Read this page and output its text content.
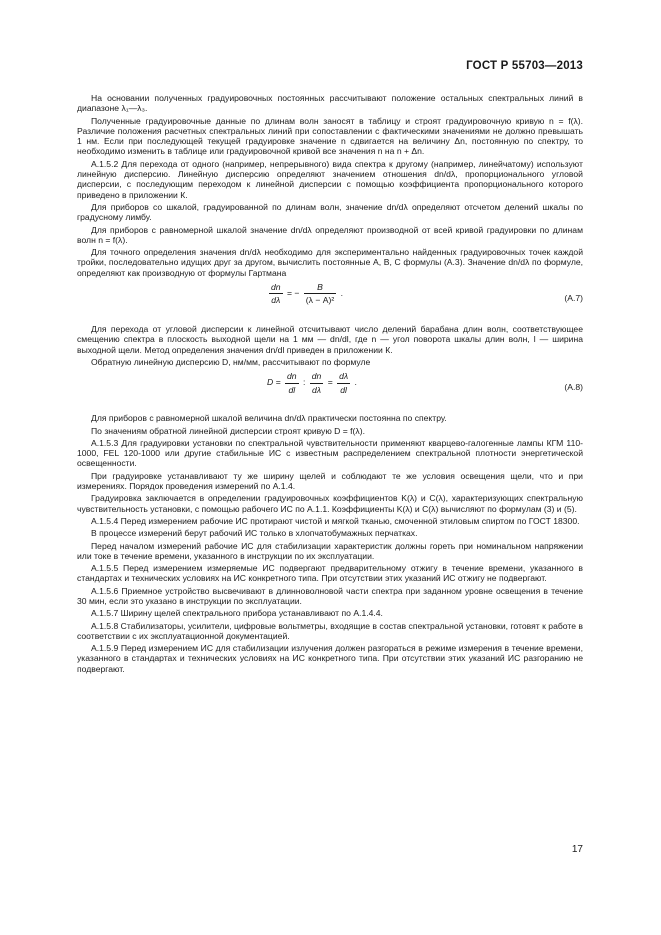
ГОСТ Р 55703—2013

На основании полученных градуировочных постоянных рассчитывают положение остальных спектральных линий в диапазоне λ₁—λ₃.

Полученные градуировочные данные по длинам волн заносят в таблицу и строят градуировочную кривую n = f(λ). Различие положения расчетных спектральных линий при сопоставлении с фактическими значениями не должно превышать 1 нм. Если при последующей текущей градуировке значение n сдвигается на величину Δn, постоянную по спектру, то необходимо изменить в таблице или градуировочной кривой все значения n на n + Δn.

А.1.5.2 Для перехода от одного (например, непрерывного) вида спектра к другому (например, линейчатому) используют линейную дисперсию. Линейную дисперсию определяют значением отношения dn/dλ, пропорционального угловой дисперсии, с последующим переходом к линейной дисперсии с помощью коэффициента пропорционального которого приведено в приложении К.

Для приборов со шкалой, градуированной по длинам волн, значение dn/dλ определяют отсчетом делений шкалы по градусному лимбу.

Для приборов с равномерной шкалой значение dn/dλ определяют производной от всей кривой градуировки по длинам волн n = f(λ).

Для точного определения значения dn/dλ необходимо для экспериментально найденных градуировочных точек каждой тройки, последовательно идущих друг за другом, вычислить постоянные А, В, С формулы (А.3). Значение dn/dλ по формуле, определяют как производную от формулы Гартмана

$\frac{dn}{d\lambda}$ = − $\frac{B}{\text{(λ − A)²}}$ .	(А.7)

Для перехода от угловой дисперсии к линейной отсчитывают число делений барабана длин волн, соответствующее смещению спектра в плоскость выходной щели на 1 мм — dn/dl, где n — угол поворота шкалы длин волн, l — ширина выходной щели. Метод определения значения dn/dl приведен в приложении К.

Обратную линейную дисперсию D, нм/мм, рассчитывают по формуле

$D = \frac{dn}{dl}$ : $\frac{dn}{d\lambda} = \frac{d\lambda}{dl}$ .	(А.8)

Для приборов с равномерной шкалой величина dn/dλ практически постоянна по спектру.

По значениям обратной линейной дисперсии строят кривую D = f(λ).

А.1.5.3 Для градуировки установки по спектральной чувствительности применяют кварцево-галогенные лампы КГМ 110-1000, FEL 120-1000 или другие стабильные ИС с известным распределением спектральной плотности энергетической освещенности.

При градуировке устанавливают ту же ширину щелей и соблюдают те же условия освещения щели, что и при измерениях. Порядок проведения измерений по А.1.4.

Градуировка заключается в определении градуировочных коэффициентов K(λ) и C(λ), характеризующих спектральную чувствительность установки, с помощью рабочего ИС по А.1.1. Коэффициенты K(λ) и C(λ) вычисляют по формулам (3) и (5).

А.1.5.4 Перед измерением рабочие ИС протирают чистой и мягкой тканью, смоченной этиловым спиртом по ГОСТ 18300.

В процессе измерений берут рабочий ИС только в хлопчатобумажных перчатках.

Перед началом измерений рабочие ИС для стабилизации характеристик должны гореть при номинальном напряжении или токе в течение времени, указанного в инструкции по их эксплуатации.

А.1.5.5 Перед измерением измеряемые ИС подвергают предварительному отжигу в течение времени, указанного в стандартах и технических условиях на ИС конкретного типа. При отсутствии этих указаний ИС отжигу не подвергают.

А.1.5.6 Приемное устройство высвечивают в длинноволновой части спектра при заданном уровне освещения в течение 30 мин, если это указано в инструкции по эксплуатации.

А.1.5.7 Ширину щелей спектрального прибора устанавливают по А.1.4.4.

А.1.5.8 Стабилизаторы, усилители, цифровые вольтметры, входящие в состав спектральной установки, готовят к работе в соответствии с их эксплуатационной документацией.

А.1.5.9 Перед измерением ИС для стабилизации излучения должен разгораться в режиме измерения в течение времени, указанного в стандартах и технических условиях на ИС конкретного типа. При отсутствии этих указаний ИС разгоранию не подвергают.

17
